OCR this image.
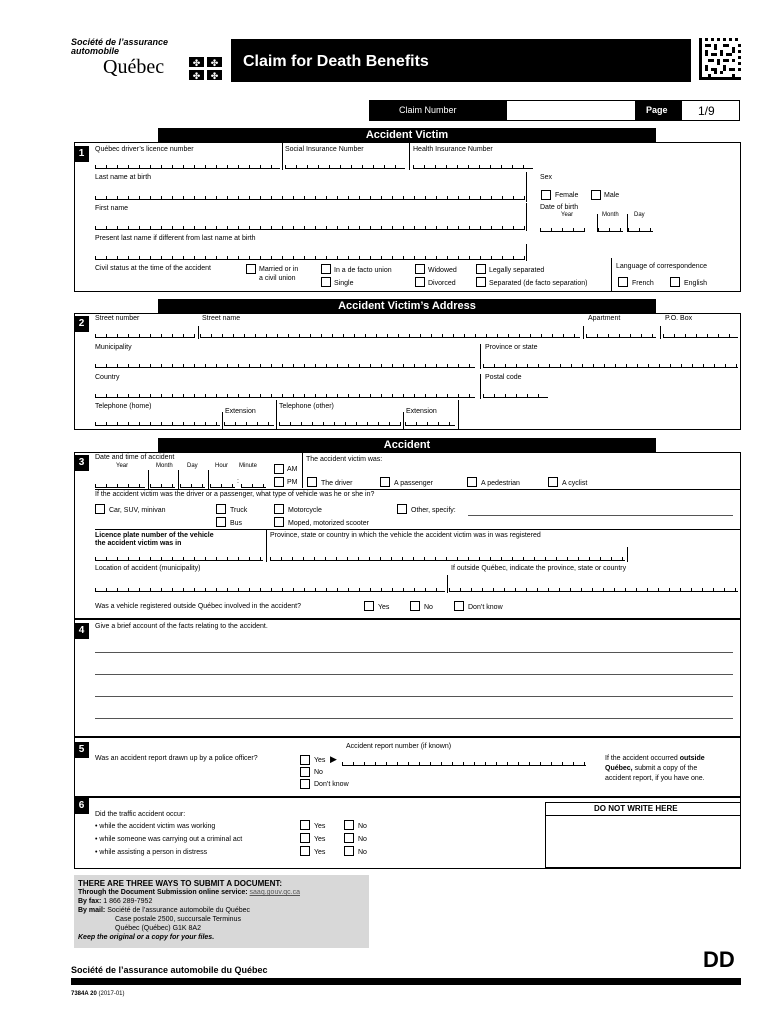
Société de l’assurance
automobile
Québec	✤ ✤
✤ ✤
Claim for Death Benefits
Claim Number	Page	1/9
Accident Victim
1	Québec driver’s licence number	Social Insurance Number	Health Insurance Number
Last name at birth	Sex
Female	Male
First name	Date of birth
Year	Month	Day
Present last name if different from last name at birth
Civil status at the time of the accident	Married or in
a civil union
In a de facto union
Single
Widowed
Divorced
Legally separated
Separated (de facto separation)
Language of correspondence
French	English
Accident Victim’s Address
2	Street number	Street name	Apartment	P.O. Box
Municipality	Province or state
Country	Postal code
Telephone (home)
Extension
Telephone (other)
Extension
Accident
3	Date and time of accident
Year	Month Day	Hour Minute
:
AM
PM
The accident victim was:
The driver	A passenger	A pedestrian	A cyclist
If the accident victim was the driver or a passenger, what type of vehicle was he or she in?
Car, SUV, minivan	Truck
Bus
Motorcycle
Moped, motorized scooter
Other, specify:
Licence plate number of the vehicle
the accident victim was in
Province, state or country in which the vehicle the accident victim was in was registered
Location of accident (municipality)	If outside Québec, indicate the province, state or country
Was a vehicle registered outside Québec involved in the accident?	Yes	No	Don’t know
4	Give a brief account of the facts relating to the accident.
5
Was an accident report drawn up by a police officer?	Yes ▶
No
Don’t know
Accident report number (if known)
If the accident occurred outside
Québec, submit a copy of the
accident report, if you have one.
6
Did the traffic accident occur:
• while the accident victim was working	Yes	No
• while someone was carrying out a criminal act	Yes	No
• while assisting a person in distress	Yes	No
DO NOT WRITE HERE
THERE ARE THREE WAYS TO SUBMIT A DOCUMENT:
Through the Document Submission online service: saaq.gouv.qc.ca
By fax: 1 866 289-7952
By mail: Société de l’assurance automobile du Québec
Case postale 2500, succursale Terminus
Québec (Québec) G1K 8A2
Keep the original or a copy for your files.
Société de l’assurance automobile du Québec	DD
7384A 20 (2017-01)
